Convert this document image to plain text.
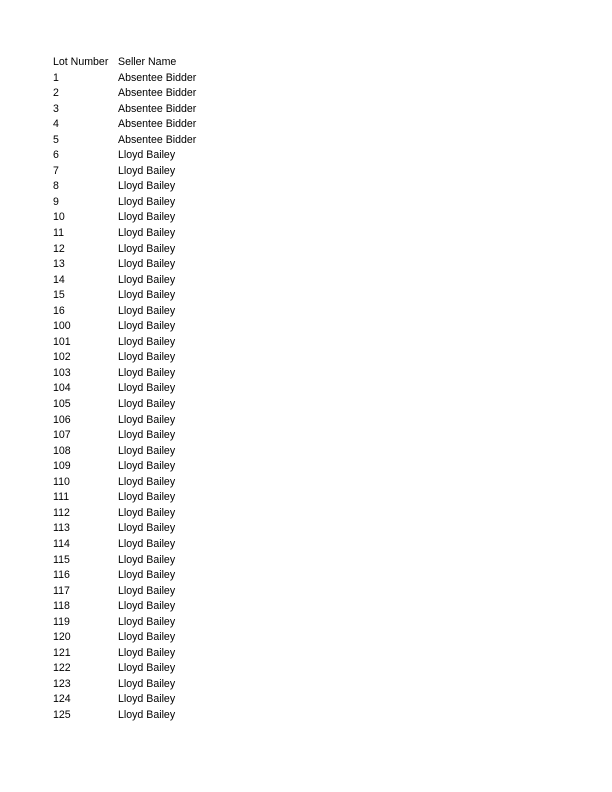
Lot Number Seller Name
1	Absentee Bidder
2	Absentee Bidder
3	Absentee Bidder
4	Absentee Bidder
5	Absentee Bidder
6	Lloyd Bailey
7	Lloyd Bailey
8	Lloyd Bailey
9	Lloyd Bailey
10	Lloyd Bailey
11	Lloyd Bailey
12	Lloyd Bailey
13	Lloyd Bailey
14	Lloyd Bailey
15	Lloyd Bailey
16	Lloyd Bailey
100	Lloyd Bailey
101	Lloyd Bailey
102	Lloyd Bailey
103	Lloyd Bailey
104	Lloyd Bailey
105	Lloyd Bailey
106	Lloyd Bailey
107	Lloyd Bailey
108	Lloyd Bailey
109	Lloyd Bailey
110	Lloyd Bailey
111	Lloyd Bailey
112	Lloyd Bailey
113	Lloyd Bailey
114	Lloyd Bailey
115	Lloyd Bailey
116	Lloyd Bailey
117	Lloyd Bailey
118	Lloyd Bailey
119	Lloyd Bailey
120	Lloyd Bailey
121	Lloyd Bailey
122	Lloyd Bailey
123	Lloyd Bailey
124	Lloyd Bailey
125	Lloyd Bailey
